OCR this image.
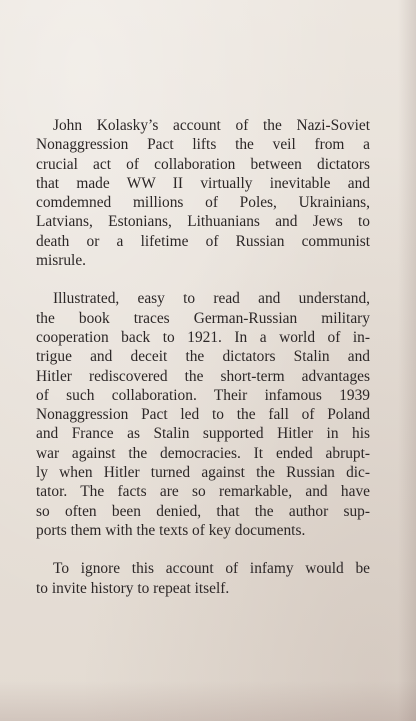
John Kolasky’s account of the Nazi-Soviet
Nonaggression Pact lifts the veil from a
crucial act of collaboration between dictators
that made WW II virtually inevitable and
comdemned millions of Poles, Ukrainians,
Latvians, Estonians, Lithuanians and Jews to
death or a lifetime of Russian communist
misrule.

Illustrated, easy to read and understand,
the book traces German-Russian military
cooperation back to 1921. In a world of in-
trigue and deceit the dictators Stalin and
Hitler rediscovered the short-term advantages
of such collaboration. Their infamous 1939
Nonaggression Pact led to the fall of Poland
and France as Stalin supported Hitler in his
war against the democracies. It ended abrupt-
ly when Hitler turned against the Russian dic-
tator. The facts are so remarkable, and have
so often been denied, that the author sup-
ports them with the texts of key documents.

To ignore this account of infamy would be
to invite history to repeat itself.
